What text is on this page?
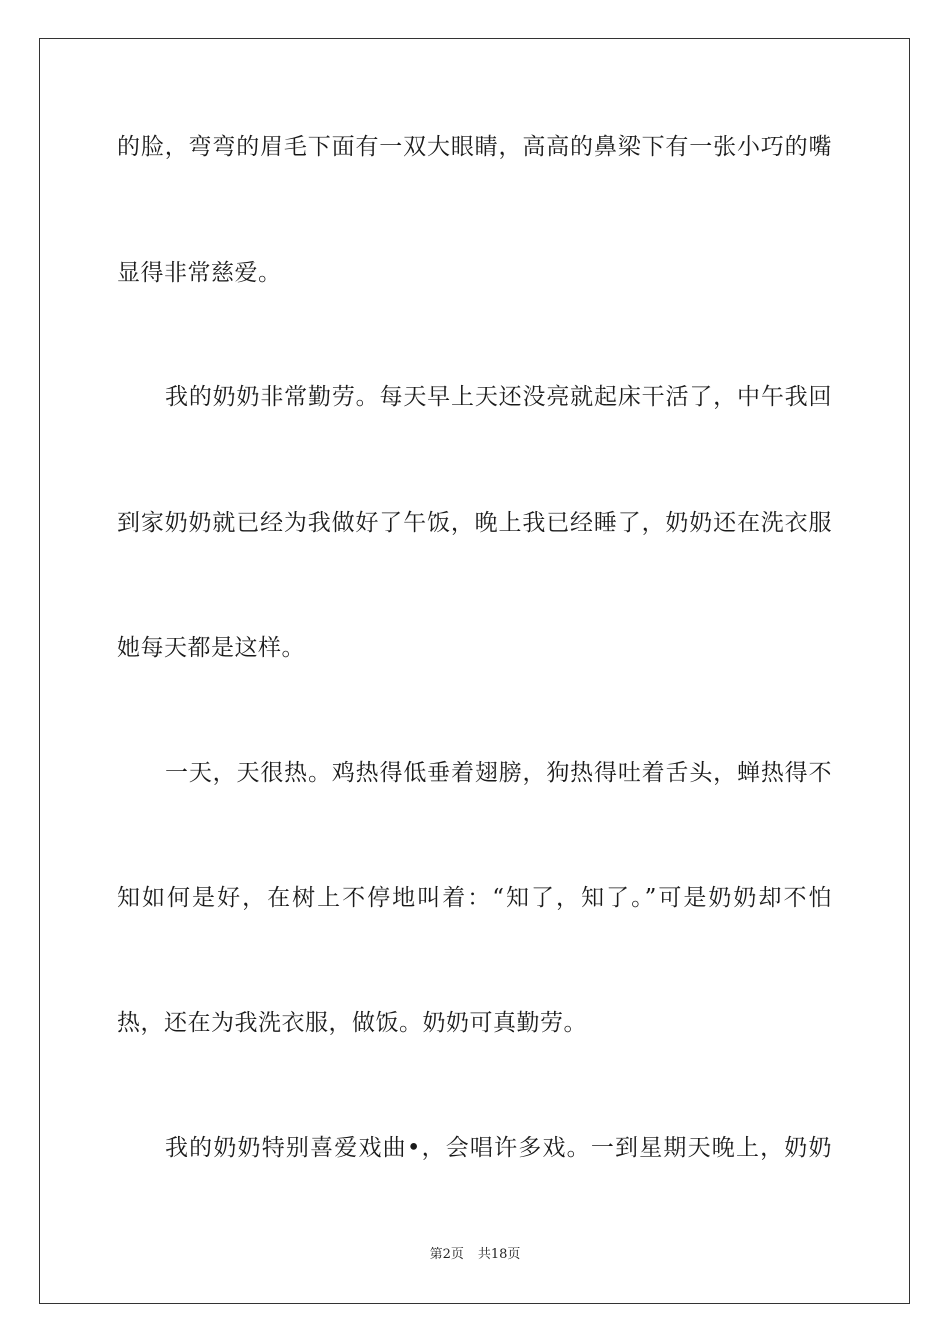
的脸，弯弯的眉毛下面有一双大眼睛，高高的鼻梁下有一张小巧的嘴
显得非常慈爱。
我的奶奶非常勤劳。每天早上天还没亮就起床干活了，中午我回
到家奶奶就已经为我做好了午饭，晚上我已经睡了，奶奶还在洗衣服
她每天都是这样。
一天，天很热。鸡热得低垂着翅膀，狗热得吐着舌头，蝉热得不
知如何是好，在树上不停地叫着：“知了，知了。”可是奶奶却不怕
热，还在为我洗衣服，做饭。奶奶可真勤劳。
我的奶奶特别喜爱戏曲•，会唱许多戏。一到星期天晚上，奶奶
第2页 共18页
